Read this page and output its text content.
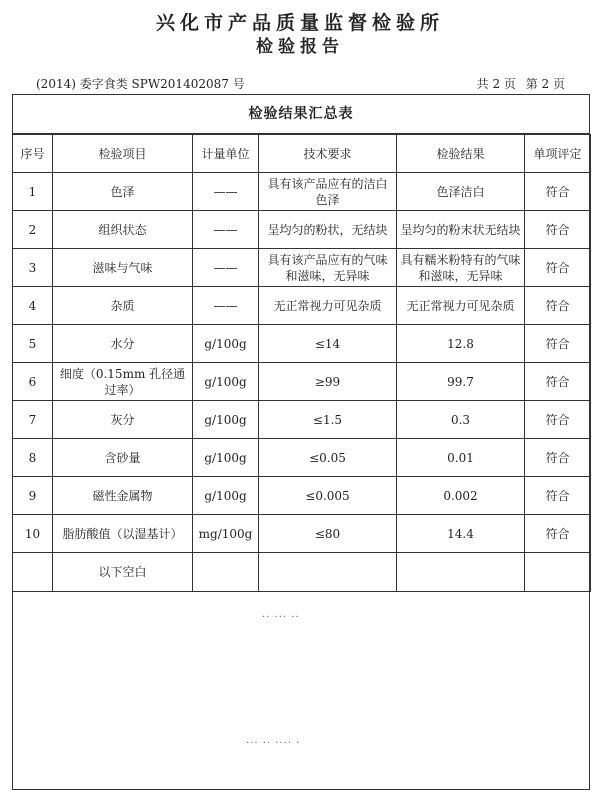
兴化市产品质量监督检验所
检验报告
(2014) 委字食类 SPW201402087 号	共 2 页 第 2 页
检验结果汇总表
序号	检验项目	计量单位	技术要求	检验结果	单项评定
1	色泽	——	具有该产品应有的洁白色泽	色泽洁白	符合
2	组织状态	——	呈均匀的粉状，无结块	呈均匀的粉末状无结块	符合
3	滋味与气味	——	具有该产品应有的气味和滋味，无异味	具有糯米粉特有的气味和滋味，无异味	符合
4	杂质	——	无正常视力可见杂质	无正常视力可见杂质	符合
5	水分	g/100g	≤14	12.8	符合
6	细度（0.15mm 孔径通过率）	g/100g	≥99	99.7	符合
7	灰分	g/100g	≤1.5	0.3	符合
8	含砂量	g/100g	≤0.05	0.01	符合
9	磁性金属物	g/100g	≤0.005	0.002	符合
10	脂肪酸值（以湿基计）	mg/100g	≤80	14.4	符合
	以下空白				
·· ··· ··
··· ·· ···· ·
